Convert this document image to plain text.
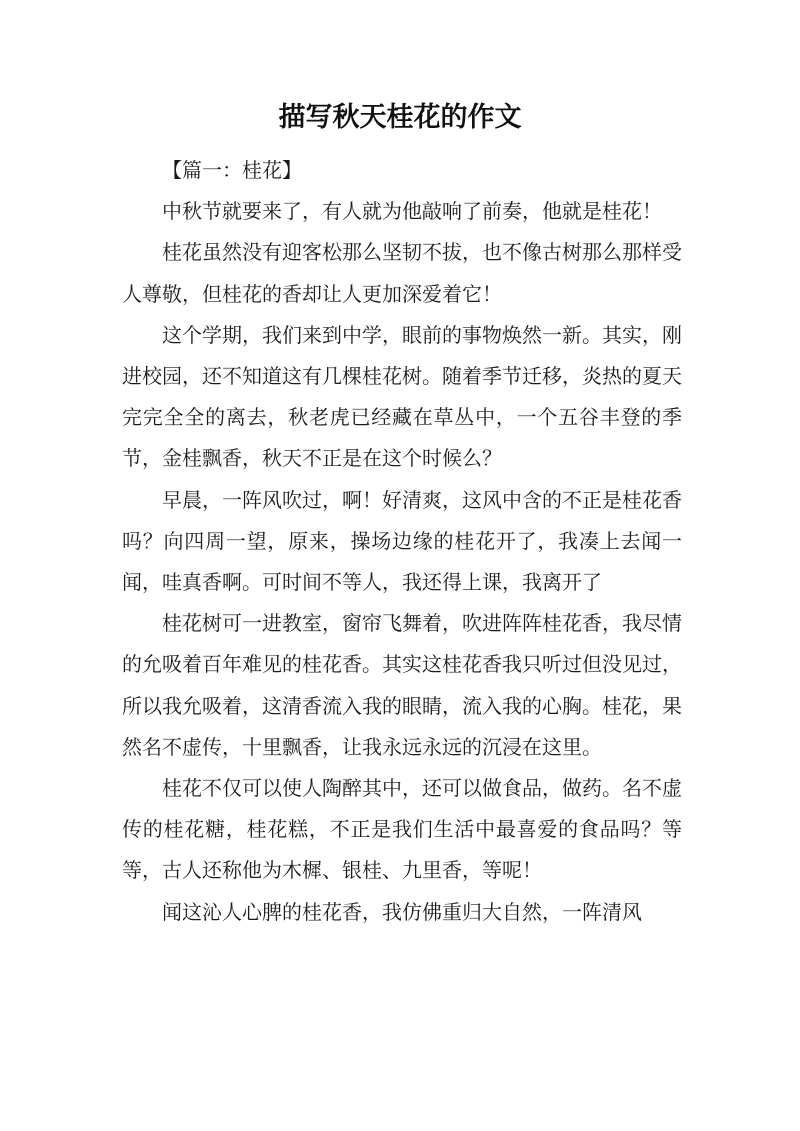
描写秋天桂花的作文

【篇一：桂花】

中秋节就要来了，有人就为他敲响了前奏，他就是桂花！

桂花虽然没有迎客松那么坚韧不拔，也不像古树那么那样受人尊敬，但桂花的香却让人更加深爱着它！

这个学期，我们来到中学，眼前的事物焕然一新。其实，刚进校园，还不知道这有几棵桂花树。随着季节迁移，炎热的夏天完完全全的离去，秋老虎已经藏在草丛中，一个五谷丰登的季节，金桂飘香，秋天不正是在这个时候么？

早晨，一阵风吹过，啊！好清爽，这风中含的不正是桂花香吗？向四周一望，原来，操场边缘的桂花开了，我凑上去闻一闻，哇真香啊。可时间不等人，我还得上课，我离开了

桂花树可一进教室，窗帘飞舞着，吹进阵阵桂花香，我尽情的允吸着百年难见的桂花香。其实这桂花香我只听过但没见过，所以我允吸着，这清香流入我的眼睛，流入我的心胸。桂花，果然名不虚传，十里飘香，让我永远永远的沉浸在这里。

桂花不仅可以使人陶醉其中，还可以做食品，做药。名不虚传的桂花糖，桂花糕，不正是我们生活中最喜爱的食品吗？等等，古人还称他为木樨、银桂、九里香，等呢！

闻这沁人心脾的桂花香，我仿佛重归大自然，一阵清风
